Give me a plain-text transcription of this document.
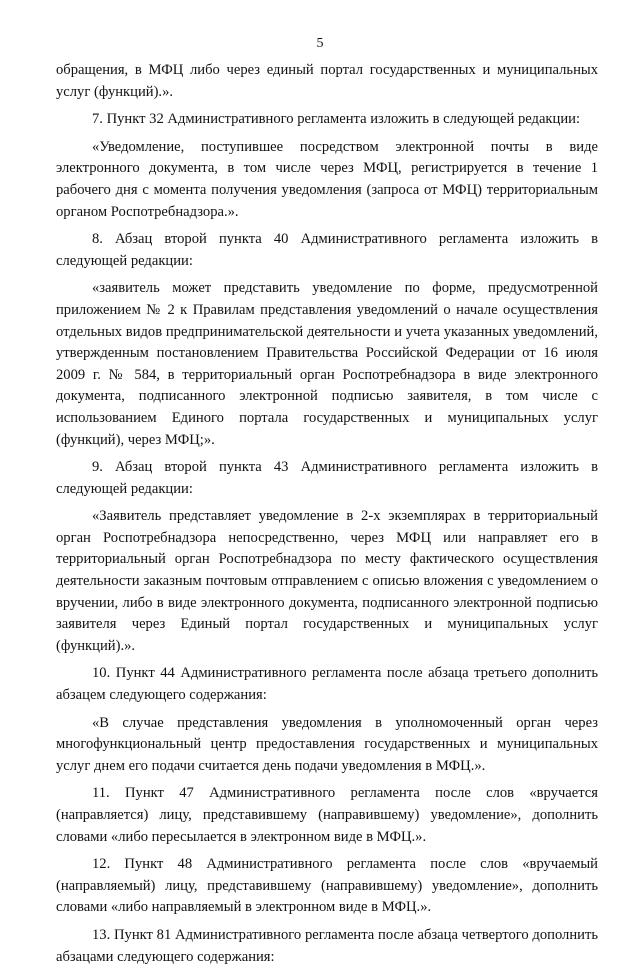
5

обращения, в МФЦ либо через единый портал государственных и муниципальных услуг (функций).».

7. Пункт 32 Административного регламента изложить в следующей редакции:

«Уведомление, поступившее посредством электронной почты в виде электронного документа, в том числе через МФЦ, регистрируется в течение 1 рабочего дня с момента получения уведомления (запроса от МФЦ) территориальным органом Роспотребнадзора.».

8. Абзац второй пункта 40 Административного регламента изложить в следующей редакции:

«заявитель может представить уведомление по форме, предусмотренной приложением № 2 к Правилам представления уведомлений о начале осуществления отдельных видов предпринимательской деятельности и учета указанных уведомлений, утвержденным постановлением Правительства Российской Федерации от 16 июля 2009 г. № 584, в территориальный орган Роспотребнадзора в виде электронного документа, подписанного электронной подписью заявителя, в том числе с использованием Единого портала государственных и муниципальных услуг (функций), через МФЦ;».

9. Абзац второй пункта 43 Административного регламента изложить в следующей редакции:

«Заявитель представляет уведомление в 2-х экземплярах в территориальный орган Роспотребнадзора непосредственно, через МФЦ или направляет его в территориальный орган Роспотребнадзора по месту фактического осуществления деятельности заказным почтовым отправлением с описью вложения с уведомлением о вручении, либо в виде электронного документа, подписанного электронной подписью заявителя через Единый портал государственных и муниципальных услуг (функций).».

10. Пункт 44 Административного регламента после абзаца третьего дополнить абзацем следующего содержания:

«В случае представления уведомления в уполномоченный орган через многофункциональный центр предоставления государственных и муниципальных услуг днем его подачи считается день подачи уведомления в МФЦ.».

11. Пункт 47 Административного регламента после слов «вручается (направляется) лицу, представившему (направившему) уведомление», дополнить словами «либо пересылается в электронном виде в МФЦ.».

12. Пункт 48 Административного регламента после слов «вручаемый (направляемый) лицу, представившему (направившему) уведомление», дополнить словами «либо направляемый в электронном виде в МФЦ.».

13. Пункт 81 Административного регламента после абзаца четвертого дополнить абзацами следующего содержания:
